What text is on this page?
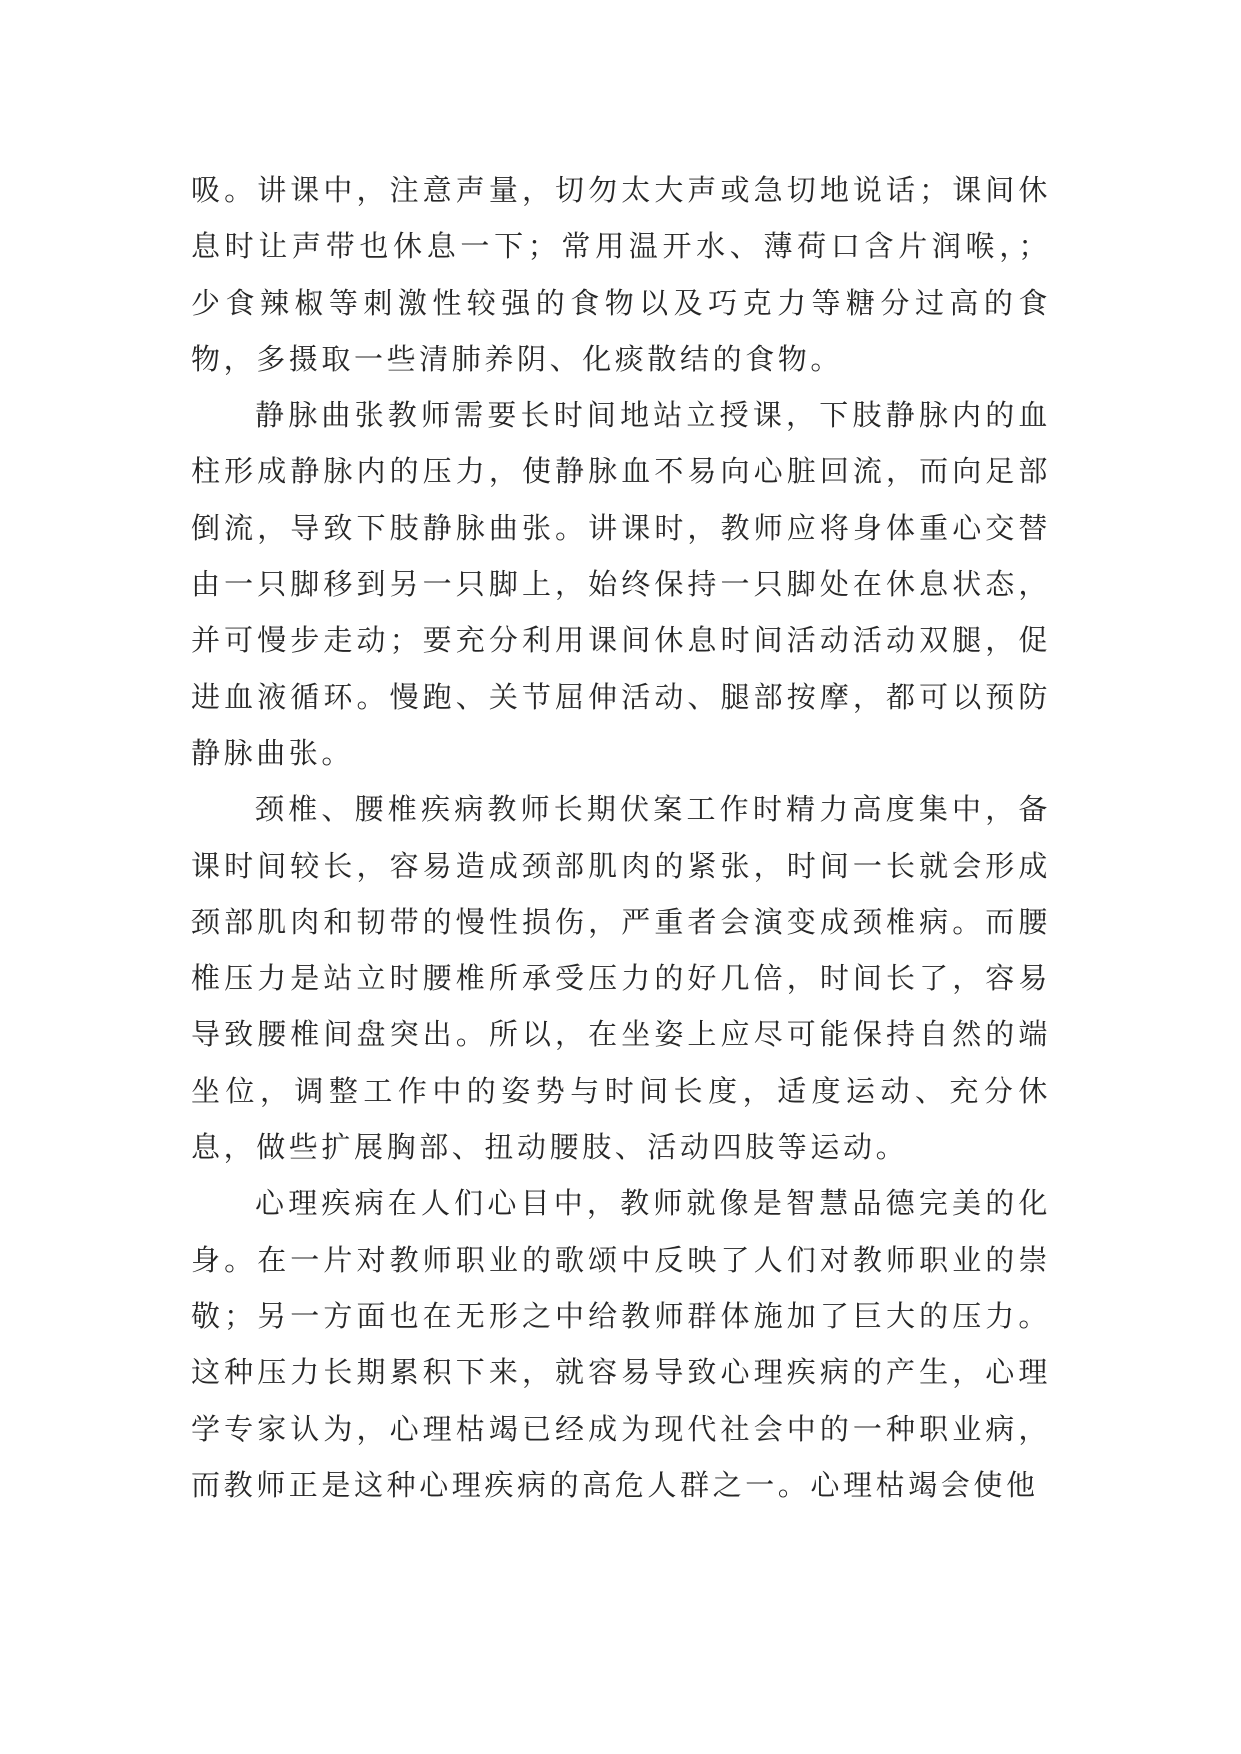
吸。讲课中，注意声量，切勿太大声或急切地说话；课间休息时让声带也休息一下；常用温开水、薄荷口含片润喉，；少食辣椒等刺激性较强的食物以及巧克力等糖分过高的食物，多摄取一些清肺养阴、化痰散结的食物。

静脉曲张教师需要长时间地站立授课，下肢静脉内的血柱形成静脉内的压力，使静脉血不易向心脏回流，而向足部倒流，导致下肢静脉曲张。讲课时，教师应将身体重心交替由一只脚移到另一只脚上，始终保持一只脚处在休息状态，并可慢步走动；要充分利用课间休息时间活动活动双腿，促进血液循环。慢跑、关节屈伸活动、腿部按摩，都可以预防静脉曲张。

颈椎、腰椎疾病教师长期伏案工作时精力高度集中，备课时间较长，容易造成颈部肌肉的紧张，时间一长就会形成颈部肌肉和韧带的慢性损伤，严重者会演变成颈椎病。而腰椎压力是站立时腰椎所承受压力的好几倍，时间长了，容易导致腰椎间盘突出。所以，在坐姿上应尽可能保持自然的端坐位，调整工作中的姿势与时间长度，适度运动、充分休息，做些扩展胸部、扭动腰肢、活动四肢等运动。

心理疾病在人们心目中，教师就像是智慧品德完美的化身。在一片对教师职业的歌颂中反映了人们对教师职业的崇敬；另一方面也在无形之中给教师群体施加了巨大的压力。这种压力长期累积下来，就容易导致心理疾病的产生，心理学专家认为，心理枯竭已经成为现代社会中的一种职业病，而教师正是这种心理疾病的高危人群之一。心理枯竭会使他
